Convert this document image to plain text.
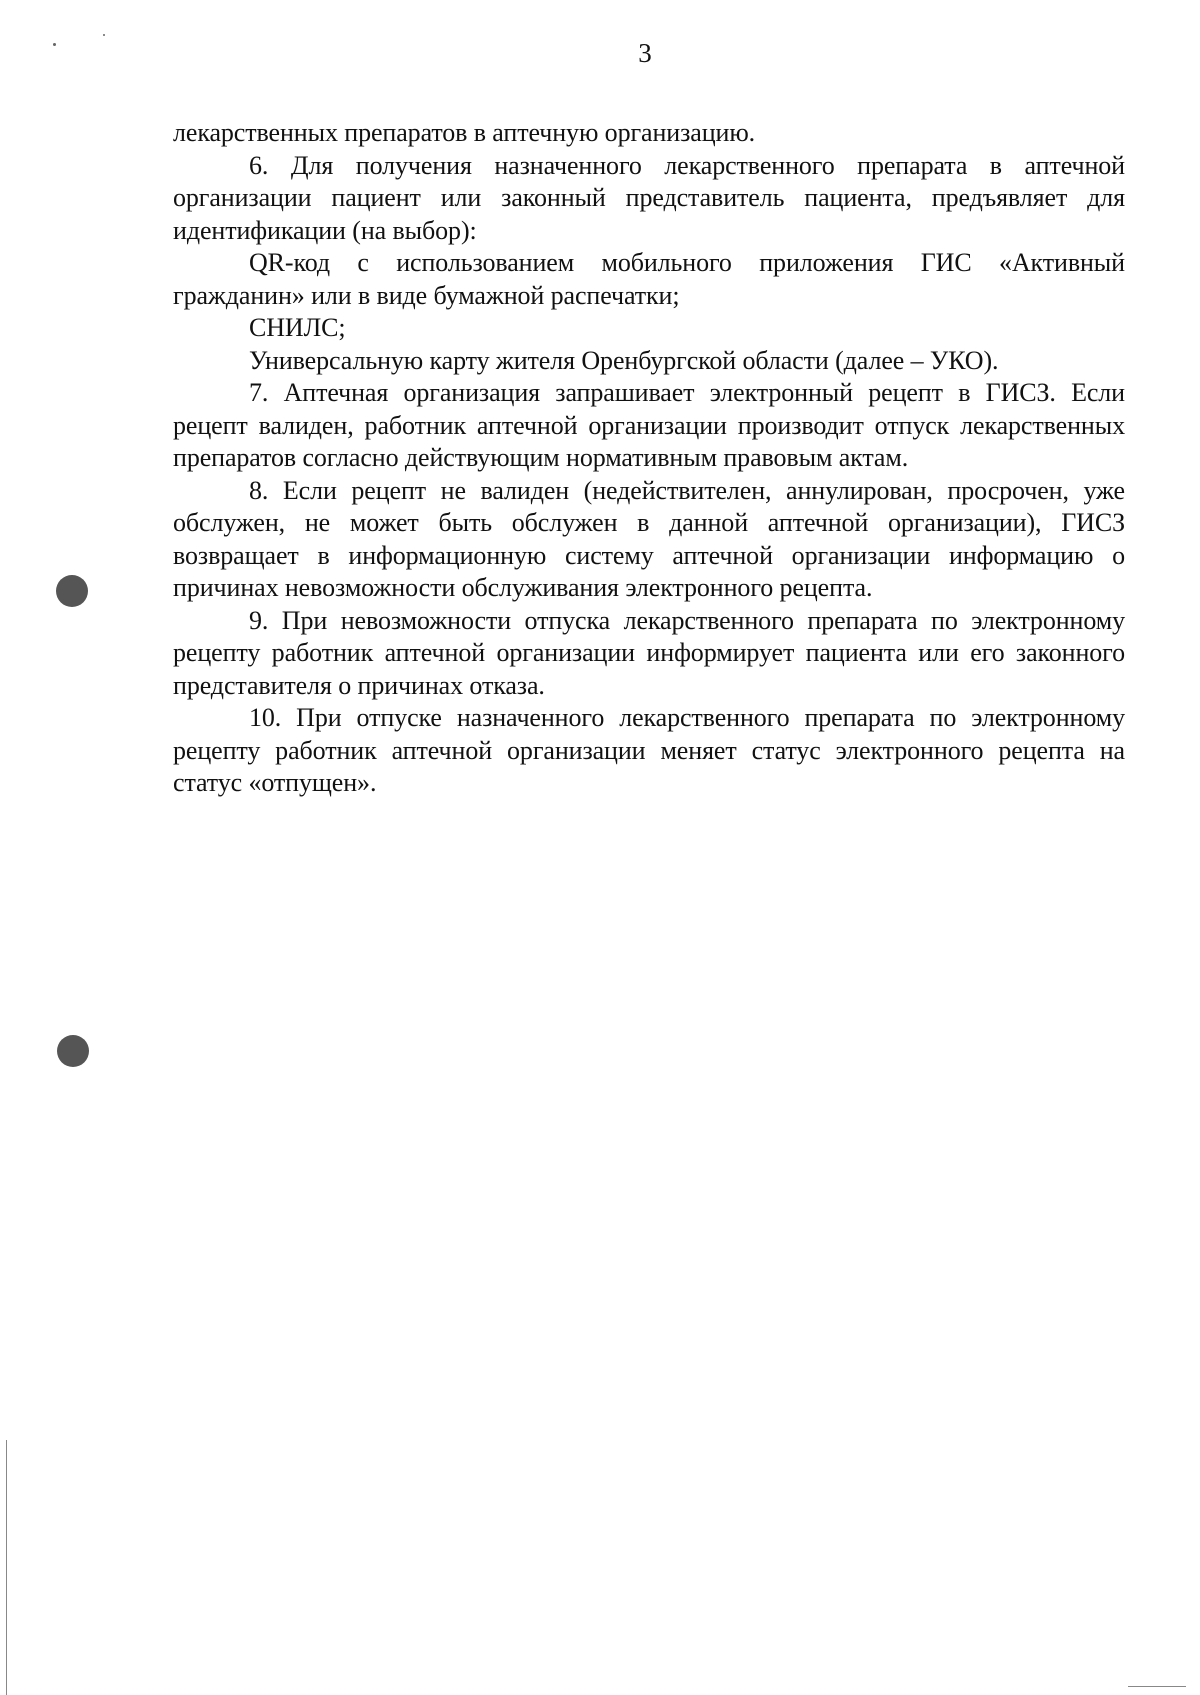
3

лекарственных препаратов в аптечную организацию.

6. Для получения назначенного лекарственного препарата в аптечной организации пациент или законный представитель пациента, предъявляет для идентификации (на выбор):

QR-код с использованием мобильного приложения ГИС «Активный гражданин» или в виде бумажной распечатки;

СНИЛС;

Универсальную карту жителя Оренбургской области (далее – УКО).

7. Аптечная организация запрашивает электронный рецепт в ГИСЗ. Если рецепт валиден, работник аптечной организации производит отпуск лекарственных препаратов согласно действующим нормативным правовым актам.

8. Если рецепт не валиден (недействителен, аннулирован, просрочен, уже обслужен, не может быть обслужен в данной аптечной организации), ГИСЗ возвращает в информационную систему аптечной организации информацию о причинах невозможности обслуживания электронного рецепта.

9. При невозможности отпуска лекарственного препарата по электронному рецепту работник аптечной организации информирует пациента или его законного представителя о причинах отказа.

10. При отпуске назначенного лекарственного препарата по электронному рецепту работник аптечной организации меняет статус электронного рецепта на статус «отпущен».
